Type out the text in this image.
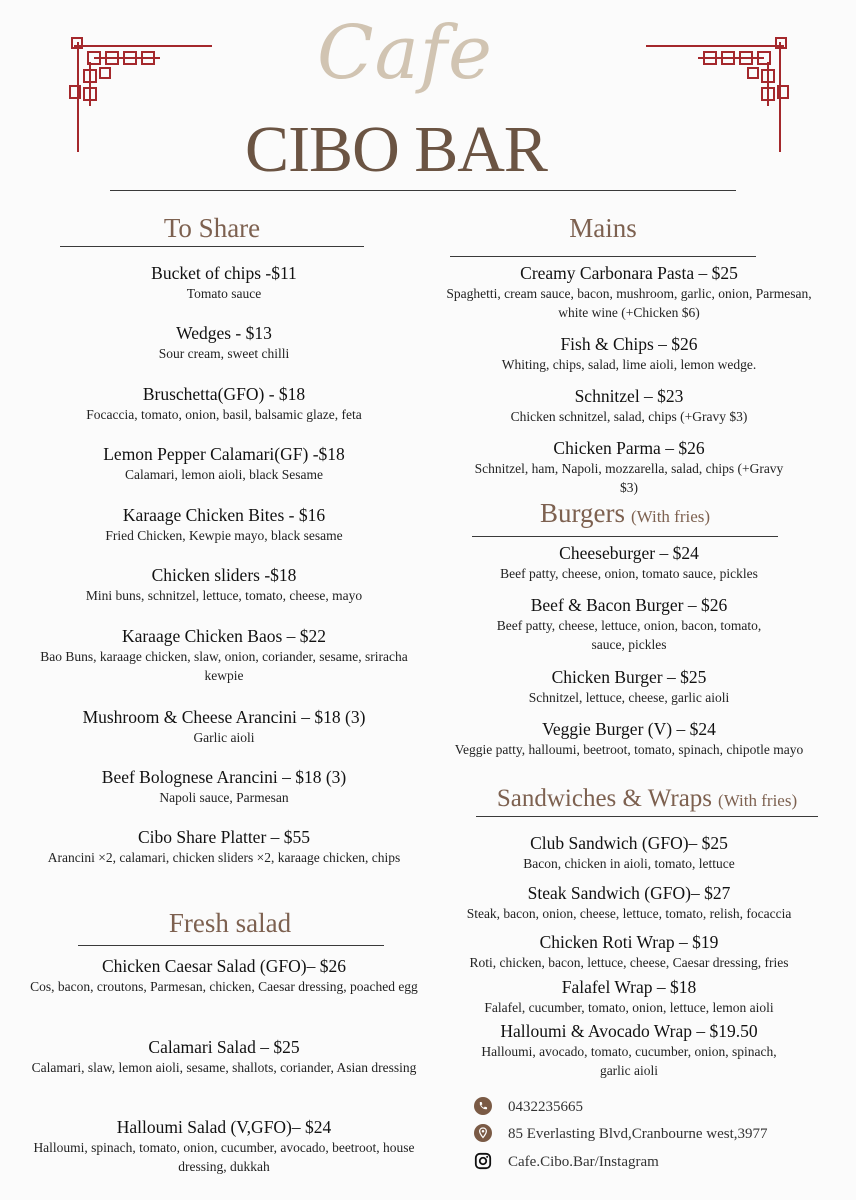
Cafe
CIBO BAR
To Share
Bucket of chips -$11
Tomato sauce
Wedges - $13
Sour cream, sweet chilli
Bruschetta(GFO) - $18
Focaccia, tomato, onion, basil, balsamic glaze, feta
Lemon Pepper Calamari(GF) -$18
Calamari, lemon aioli, black Sesame
Karaage Chicken Bites - $16
Fried Chicken, Kewpie mayo, black sesame
Chicken sliders -$18
Mini buns, schnitzel, lettuce, tomato, cheese, mayo
Karaage Chicken Baos – $22
Bao Buns, karaage chicken, slaw, onion, coriander, sesame, sriracha kewpie
Mushroom & Cheese Arancini – $18 (3)
Garlic aioli
Beef Bolognese Arancini – $18 (3)
Napoli sauce, Parmesan
Cibo Share Platter – $55
Arancini ×2, calamari, chicken sliders ×2, karaage chicken, chips
Fresh salad
Chicken Caesar Salad (GFO)– $26
Cos, bacon, croutons, Parmesan, chicken, Caesar dressing, poached egg
Calamari Salad – $25
Calamari, slaw, lemon aioli, sesame, shallots, coriander, Asian dressing
Halloumi Salad (V,GFO)– $24
Halloumi, spinach, tomato, onion, cucumber, avocado, beetroot, house dressing, dukkah
Mains
Creamy Carbonara Pasta – $25
Spaghetti, cream sauce, bacon, mushroom, garlic, onion, Parmesan, white wine (+Chicken $6)
Fish & Chips – $26
Whiting, chips, salad, lime aioli, lemon wedge.
Schnitzel – $23
Chicken schnitzel, salad, chips (+Gravy $3)
Chicken Parma – $26
Schnitzel, ham, Napoli, mozzarella, salad, chips (+Gravy $3)
Burgers (With fries)
Cheeseburger – $24
Beef patty, cheese, onion, tomato sauce, pickles
Beef & Bacon Burger – $26
Beef patty, cheese, lettuce, onion, bacon, tomato, sauce, pickles
Chicken Burger – $25
Schnitzel, lettuce, cheese, garlic aioli
Veggie Burger (V) – $24
Veggie patty, halloumi, beetroot, tomato, spinach, chipotle mayo
Sandwiches & Wraps (With fries)
Club Sandwich (GFO)– $25
Bacon, chicken in aioli, tomato, lettuce
Steak Sandwich (GFO)– $27
Steak, bacon, onion, cheese, lettuce, tomato, relish, focaccia
Chicken Roti Wrap – $19
Roti, chicken, bacon, lettuce, cheese, Caesar dressing, fries
Falafel Wrap – $18
Falafel, cucumber, tomato, onion, lettuce, lemon aioli
Halloumi & Avocado Wrap – $19.50
Halloumi, avocado, tomato, cucumber, onion, spinach, garlic aioli
0432235665
85 Everlasting Blvd,Cranbourne west,3977
Cafe.Cibo.Bar/Instagram
